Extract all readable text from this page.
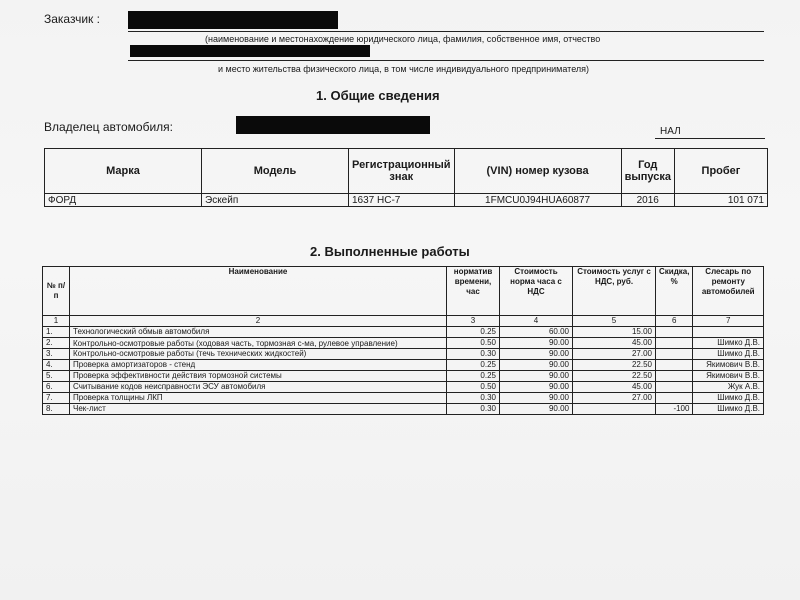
Заказчик :
(наименование и местонахождение юридического лица, фамилия, собственное имя, отчество
и место жительства физического лица, в том числе индивидуального предпринимателя)
1. Общие сведения
Владелец автомобиля:	НАЛ
Марка	Модель	Регистрационный знак	(VIN) номер кузова	Год выпуска	Пробег
ФОРД	Эскейп	1637 НС-7	1FMCU0J94HUA60877	2016	101 071
2. Выполненные работы
№ п/п	Наименование	норматив времени, час	Стоимость норма часа с НДС	Стоимость услуг с НДС, руб.	Скидка, %	Слесарь по ремонту автомобилей
1	2	3	4	5	6	7
1.	Технологический обмыв автомобиля	0.25	60.00	15.00		
2.	Контрольно-осмотровые работы (ходовая часть, тормозная с-ма, рулевое управление)	0.50	90.00	45.00		Шимко Д.В.
3.	Контрольно-осмотровые работы (течь технических жидкостей)	0.30	90.00	27.00		Шимко Д.В.
4.	Проверка амортизаторов - стенд	0.25	90.00	22.50		Якимович В.В.
5.	Проверка эффективности действия тормозной системы	0.25	90.00	22.50		Якимович В.В.
6.	Считывание кодов неисправности ЭСУ автомобиля	0.50	90.00	45.00		Жук А.В.
7.	Проверка толщины ЛКП	0.30	90.00	27.00		Шимко Д.В.
8.	Чек-лист	0.30	90.00		-100	Шимко Д.В.
